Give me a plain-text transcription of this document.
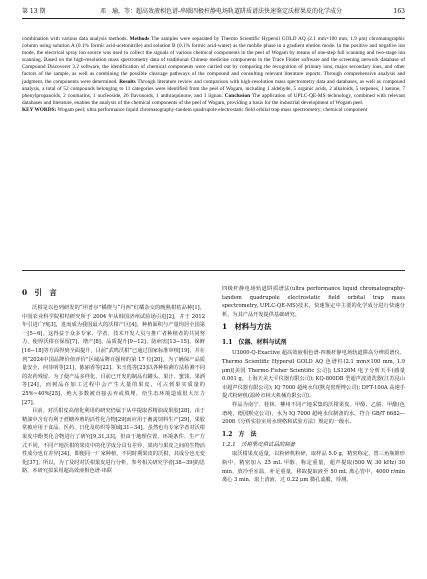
第 13 期	邓　瑜，等：超高效液相色谱-串联四极杆静电场轨道阱质谱法快速鉴定沃柑果皮的化学成分	163
combination with various data analysis methods. Methods The samples were separated by Thermo Scientific Hypersil GOLD AQ (2.1 mm×100 mm, 1.9 μm) chromatographic column using solution A (0.1% formic acid-acetonitrile) and solution B (0.1% formic acid-water) as the mobile phase in a gradient elution mode. In the positive and negative ion mode, the electrical spray ion source was used to collect the signals of various chemical components in the peel of Wogam by means of one-step full scanning and two-stage ion scanning. Based on the high-resolution mass spectrometry data of traditional Chinese medicine components in the Trace Finder software and the screening network database of Compound Discoverer 3.2 software, the identification of chemical components were carried out by comparing the recognition of primary ions, major secondary ions, and other factors of the sample, as well as combining the possible cleavage pathways of the compound and consulting relevant literature reports. Through comprehensive analysis and judgment, the components were determined. Results Through literature review and comparison with high-resolution mass spectrometry data and databases, as well as compound analysis, a total of 52 compounds belonging to 11 categories were identified from the peel of Wogam, including 1 aldehyde, 5 organic acids, 2 alkaloids, 5 terpenes, 1 ketone, 7 phenylpropanoids, 2 coumarins, 1 nucleoside, 26 flavonoids, 1 anthraquinone, and 1 lignan. Conclusion The application of UPLC-QE-MS technology, combined with relevant databases and literature, enables the analysis of the chemical components of the peel of Wogam, providing a basis for the industrial development of Wogam peel.
KEY WORDS: Wogam peel; ultra performance liquid chromatography-tandem quadrupole electrostatic field orbital trap mass spectrometry; chemical component
0　引　言

沃柑是以色列研发的“坦普尔”橘橙与“丹西”红橘杂交的晚熟柑桔品种[1]，中国农业科学院柑桔研究所于 2004 年从韩国济州试验场引进[2]，并于 2012 年引进广西[3]，进而成为我国最大的沃柑产区[4]，种植面积与产量均居全国第一[5−6]。这得益于众多专家、学者、技术开发人员与推广者种植者的共同努力，使得沃柑在保留[7]、增产[8]、品质提升[9−12]、防病害[13−15]、保鲜[16−18]等方面得到全面提升，目前“武鸣沃柑”已通过国家标准审核[19]，并在列“2024中国品牌价值评价”区域品牌百强榜的第 17 位[20]，为了确保产品质量安全，何菲明等[21]、陈丽香等[22]、朱玉莲等[23]以各种检测方法检测不同的农药残留。为了使产品多样化，目前已开发的制品有罐头、果汁、蜜饯、果酒等[24]，而树品在加工过程中会产生大量的果皮，可占到果实质量的 25%~40%[25]，绝大多数被直接丢弃或填埋，给生态环境造成很大压力[27]。

目前，对沃柑皮高值化利用的研究仍属于从中提取香精油或果胶[28]，由于精油中含有有利于蔗糖养殖的活性化合物[29]而应用于畜禽饲料生产[29]，果胶常被应用于食品、医药、日化及纺织等领域[31−34]。虽然也有专家学者对沃柑果皮中酚类化合物进行了研究[9,31,33]，但由于地理位置、环境条件、生产方式不同，不同产地沃柑的果皮中的化学成分具有差异，果肉与果皮之间的生物活性成分也有差异[34]，即便同一厂家种植，不同时期果皮的沃柑，其成分也无变化[37]。所以，为了及时对沃柑果皮进行分析，参考相关研究学者[38−39]的思路，本研究拟采用超高效液相色谱-串联

四极杆静电场轨道阱质谱法(ultra performance liquid chromatography-tandem quadrupole electrostatic field orbital trap mass spectrometry, UPLC-QE-MS)技术，快速鉴定中主要的化学成分进行快速分析，为其产品开发提供基础研究。

1　材料与方法
1.1　仪器、材料与试剂

U3000-Q-Exactive 超高效液相色谱-四极杆静电场轨道阱高分辨质谱仪、Thermo Scientific Hypersil GOLD AQ 色谱柱(2.1 mm×100 mm, 1.9 μm)[美国 Thermo Fisher Scientific 公司]; LS120M 电子分析天平(感量 0.001 g，上海天美天平仪器有限公司); KQ-800DB 型超声波清洗器(江苏昆山市超声仪器有限公司); IQ 7000 超纯水仪(默克密理博公司); DFT-100A 高速手提式粉碎机(温岭市林大机械有限公司)。

样品为南宁、桂林、柳州不同产地采集的沃柑果皮。甲醇、乙腈、甲酸(色谱纯，德国默克公司)，水为 IQ 7000 超纯水仪制备的水，符合 GB/T 6682—2008《分析实验室用水规格和试验方法》规定的一级水。

1.2　方　法
1.2.1　沃柑果皮供试品的制备

取沃柑果皮适量，以粉碎机粉碎，取样品 5.0 g，精密称定，置三角瓶锥形瓶中，精密加入 25 mL 甲醇，称定重量，超声提取(500 W, 30 kHz) 30 min，放冷至室温，补足重量，移取提取液至 50 mL 离心管中，4000 r/min 离心 3 min，取上清液，过 0.22 μm 微孔滤膜，待测。
